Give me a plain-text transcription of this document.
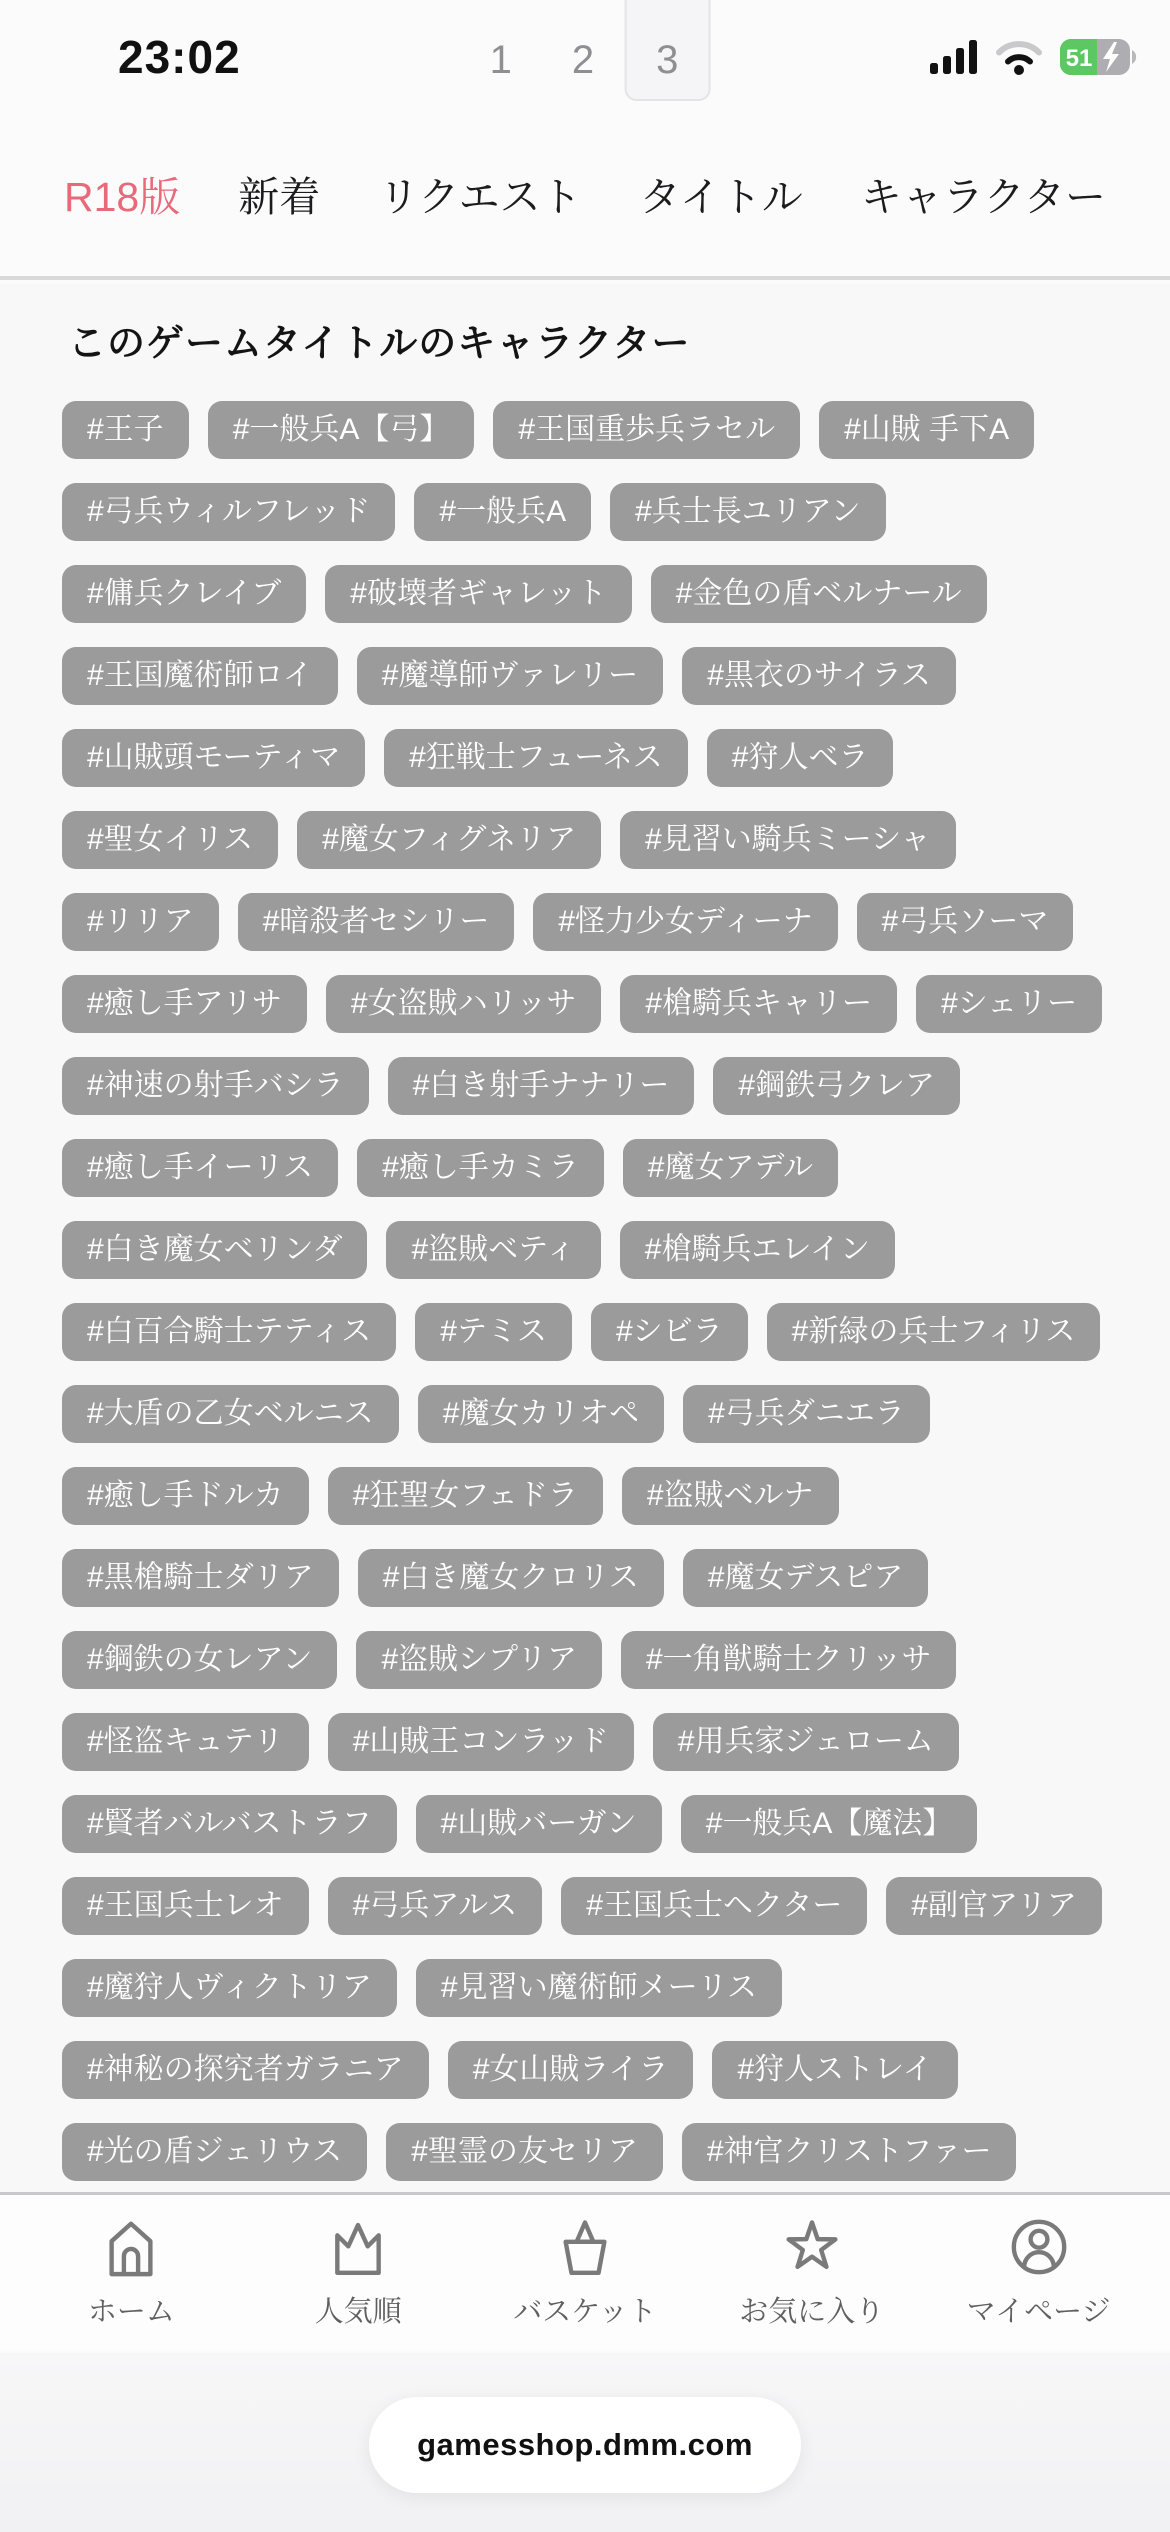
23:02	1	2	3	51
R18版 新着 リクエスト タイトル キャラクター
このゲームタイトルのキャラクター
#王子	#一般兵A【弓】	#王国重歩兵ラセル	#山賊 手下A
#弓兵ウィルフレッド	#一般兵A	#兵士長ユリアン
#傭兵クレイブ	#破壊者ギャレット	#金色の盾ベルナール
#王国魔術師ロイ	#魔導師ヴァレリー	#黒衣のサイラス
#山賊頭モーティマ	#狂戦士フューネス	#狩人ベラ
#聖女イリス	#魔女フィグネリア	#見習い騎兵ミーシャ
#リリア	#暗殺者セシリー	#怪力少女ディーナ	#弓兵ソーマ
#癒し手アリサ	#女盗賊ハリッサ	#槍騎兵キャリー	#シェリー
#神速の射手バシラ	#白き射手ナナリー	#鋼鉄弓クレア
#癒し手イーリス	#癒し手カミラ	#魔女アデル
#白き魔女ベリンダ	#盗賊ベティ	#槍騎兵エレイン
#白百合騎士テティス	#テミス	#シビラ	#新緑の兵士フィリス
#大盾の乙女ベルニス	#魔女カリオペ	#弓兵ダニエラ
#癒し手ドルカ	#狂聖女フェドラ	#盗賊ベルナ
#黒槍騎士ダリア	#白き魔女クロリス	#魔女デスピア
#鋼鉄の女レアン	#盗賊シプリア	#一角獣騎士クリッサ
#怪盗キュテリ	#山賊王コンラッド	#用兵家ジェローム
#賢者バルバストラフ	#山賊バーガン	#一般兵A【魔法】
#王国兵士レオ	#弓兵アルス	#王国兵士ヘクター	#副官アリア
#魔狩人ヴィクトリア	#見習い魔術師メーリス
#神秘の探究者ガラニア	#女山賊ライラ	#狩人ストレイ
#光の盾ジェリウス	#聖霊の友セリア	#神官クリストファー
ホーム	人気順	バスケット	お気に入り	マイページ
gamesshop.dmm.com
